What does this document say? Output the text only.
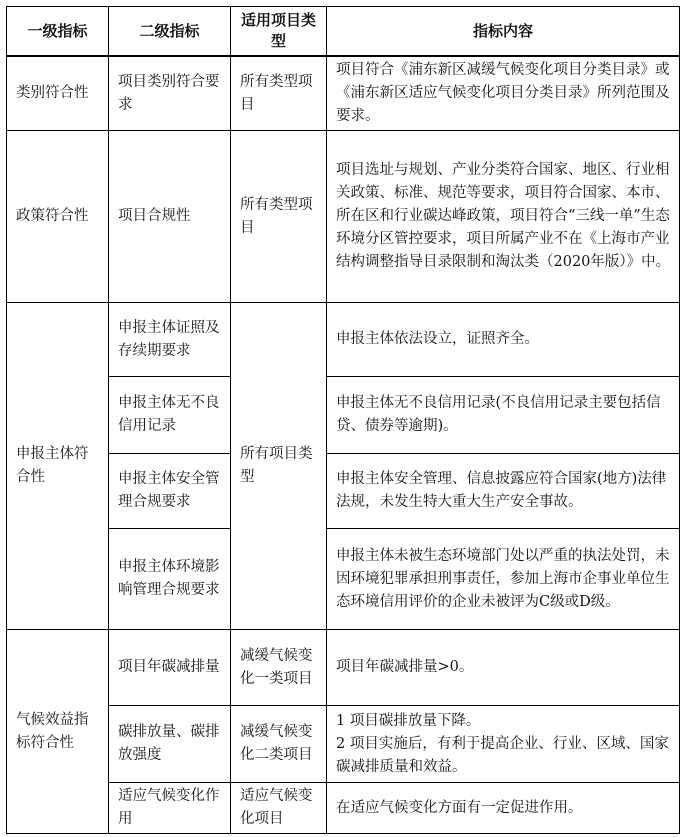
一级指标	二级指标	适用项目类型	指标内容
类别符合性	项目类别符合要求	所有类型项目	项目符合《浦东新区减缓气候变化项目分类目录》或《浦东新区适应气候变化项目分类目录》所列范围及要求。
政策符合性	项目合规性	所有类型项目	项目选址与规划、产业分类符合国家、地区、行业相关政策、标准、规范等要求，项目符合国家、本市、所在区和行业碳达峰政策，项目符合“三线一单”生态环境分区管控要求，项目所属产业不在《上海市产业结构调整指导目录限制和淘汰类（2020年版）》中。
申报主体符合性	申报主体证照及存续期要求	所有项目类型	申报主体依法设立，证照齐全。
	申报主体无不良信用记录		申报主体无不良信用记录(不良信用记录主要包括信贷、债券等逾期)。
	申报主体安全管理合规要求		申报主体安全管理、信息披露应符合国家(地方)法律法规，未发生特大重大生产安全事故。
	申报主体环境影响管理合规要求		申报主体未被生态环境部门处以严重的执法处罚，未因环境犯罪承担刑事责任，参加上海市企事业单位生态环境信用评价的企业未被评为C级或D级。
气候效益指标符合性	项目年碳减排量	减缓气候变化一类项目	项目年碳减排量>0。
	碳排放量、碳排放强度	减缓气候变化二类项目	1 项目碳排放量下降。
2 项目实施后，有利于提高企业、行业、区域、国家碳减排质量和效益。

	适应气候变化作用	适应气候变化项目	在适应气候变化方面有一定促进作用。
